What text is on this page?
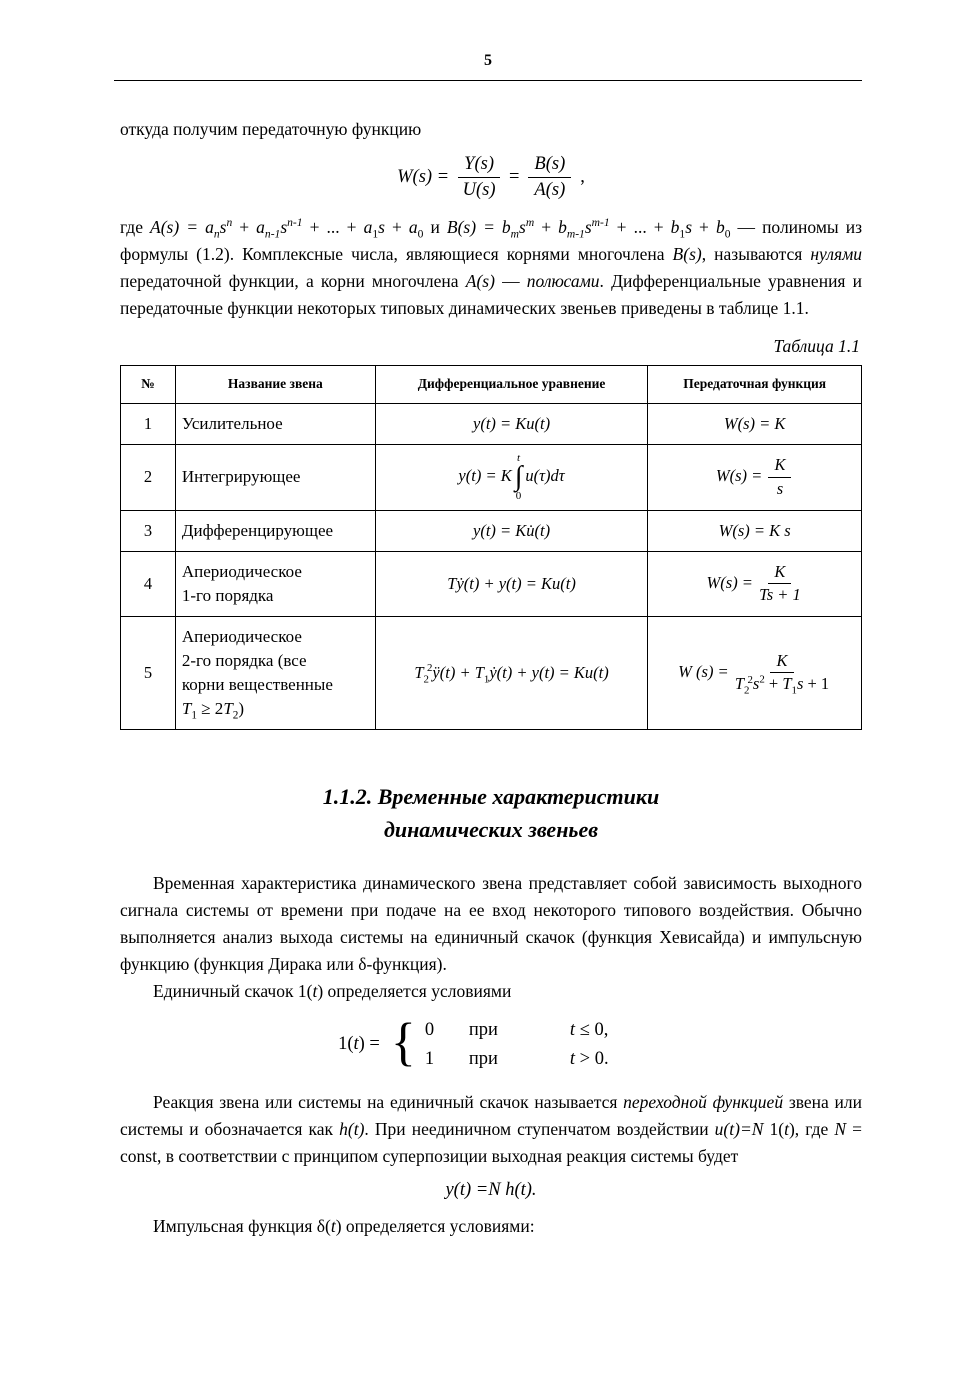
5

откуда получим передаточную функцию

$W(s) = \frac{Y(s)}{U(s)} = \frac{B(s)}{A(s)}$ ,

где $A(s) = a_ns^n + a_{n-1}s^{n-1}$ + ... + $a_1s + a_0$ и $B(s) = b_ms^m + b_{m-1}s^{m-1}$ + ... + $b_1s + b_0$ — полиномы из формулы (1.2). Комплексные числа, являющиеся корнями многочлена B(s), называются нулями передаточной функции, а корни многочлена A(s) — полюсами. Дифференциальные уравнения и передаточные функции некоторых типовых динамических звеньев приведены в таблице 1.1.

Таблица 1.1
№	Название звена	Дифференциальное уравнение	Передаточная функция
1	Усилительное	y(t) = Ku(t)	W(s) = K
2	Интегрирующее	y(t) = K
t
∫
0
u(τ)dτ	$W(s) = \frac{K}{s}$

3	Дифференцирующее	y(t) = Ku̇(t)	W(s) = K s
4	Апериодическое
1-го порядка	Tẏ(t) + y(t) = Ku(t)	$W(s) = \frac{K}{Ts + 1}$

5	Апериодическое
2-го порядка (все
корни вещественные
$T_1 \ge 2T_2$)	$T_2^2ÿ(t)$ + $T_1ẏ(t) + y(t) = Ku(t)$	W $(s) = \frac{K}{T_2^2s^2 + T_1s + 1}$
1.1.2. Временные характеристики
динамических звеньев

Временная характеристика динамического звена представляет собой зависимость выходного сигнала системы от времени при подаче на ее вход некоторого типового воздействия. Обычно выполняется анализ выхода системы на единичный скачок (функция Хевисайда) и импульсную функцию (функция Дирака или δ-функция).

Единичный скачок 1(t) определяется условиями

1(t) = { 0 при	t ≤ 0,
1 при	t > 0.

Реакция звена или системы на единичный скачок называется переходной функцией звена или системы и обозначается как h(t). При неединичном ступенчатом воздействии u(t)=N 1(t), где N = const, в соответствии с принципом суперпозиции выходная реакция системы будет

y(t) =N h(t).

Импульсная функция δ(t) определяется условиями:
